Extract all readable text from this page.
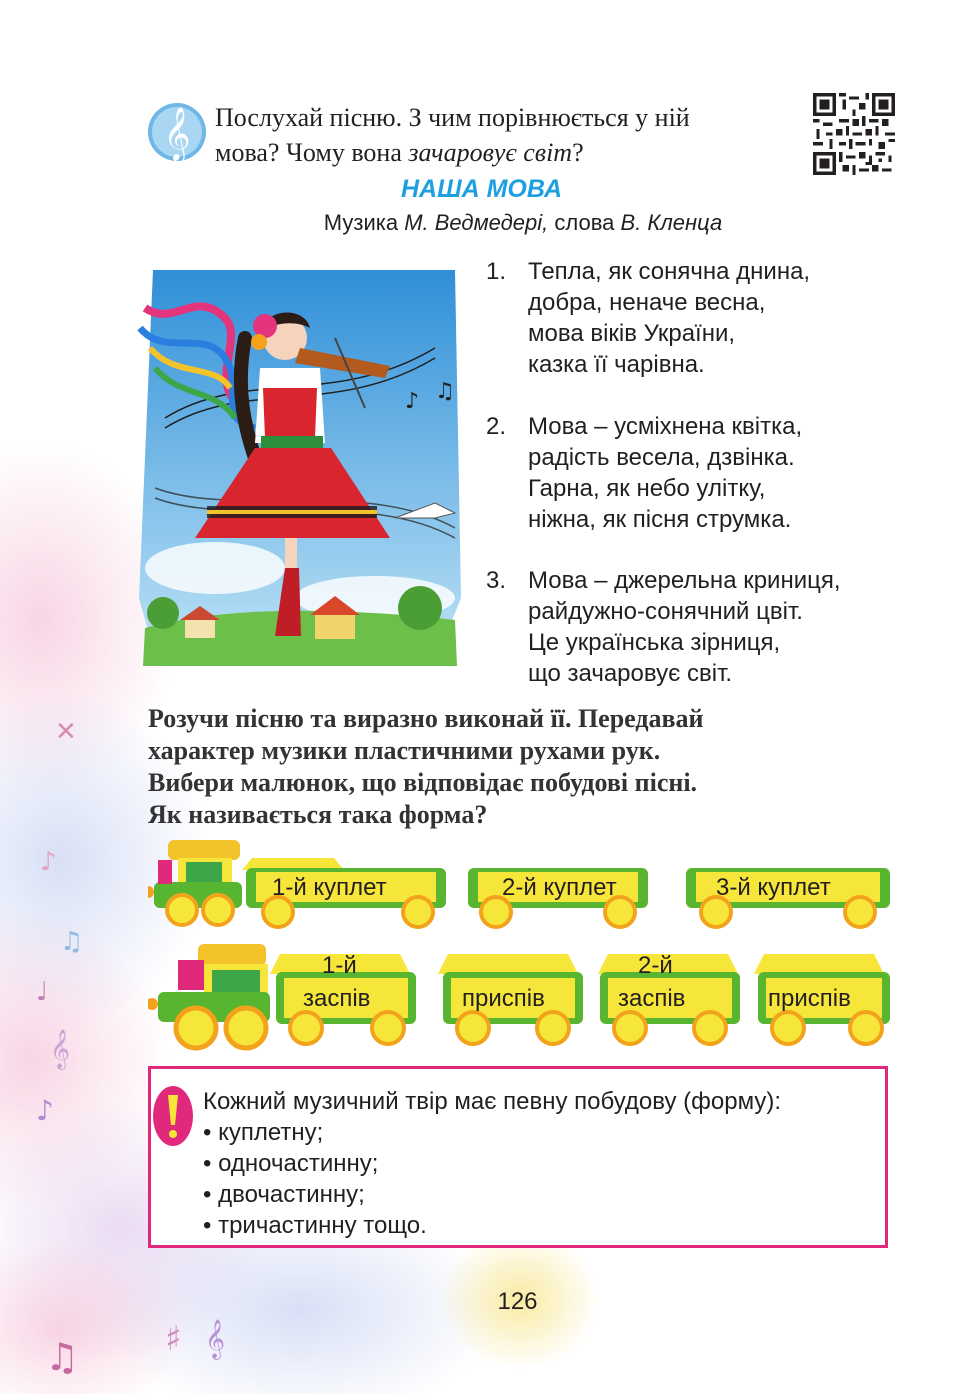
✕
♪
♫
♩
𝄞
♪
♫	♯ 𝄞
𝄞 Послухай пісню. З чим порівнюється у ній
мова? Чому вона зачаровує світ?
НАША МОВА
Музика М. Ведмедері, слова В. Кленца
♪ ♫
1. Тепла, як сонячна днина,
добра, неначе весна,
мова віків України,
казка її чарівна.
2. Мова – усміхнена квітка,
радість весела, дзвінка.
Гарна, як небо улітку,
ніжна, як пісня струмка.
3. Мова – джерельна криниця,
райдужно-сонячний цвіт.
Це українська зірниця,
що зачаровує світ.
Розучи пісню та виразно виконай її. Передавай
характер музики пластичними рухами рук.
Вибери малюнок, що відповідає побудові пісні.
Як називається така форма?
1-й куплет	2-й куплет	3-й куплет
1-й
заспів	приспів
2-й
заспів	приспів
Кожний музичний твір має певну побудову (форму):
• куплетну;
• одночастинну;
• двочастинну;
• тричастинну тощо.
126
